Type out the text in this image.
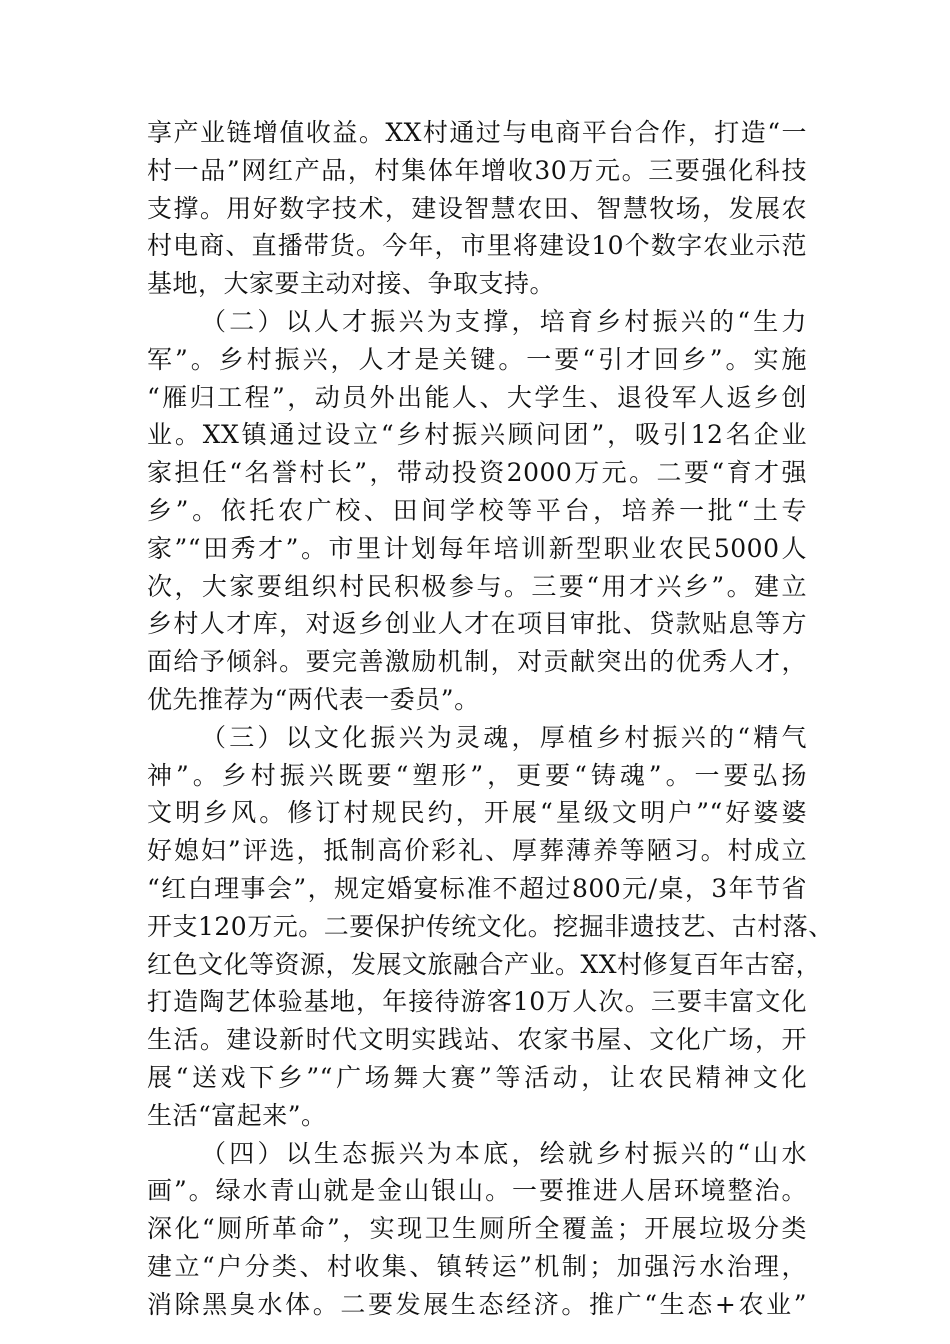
享产业链增值收益。XX村通过与电商平台合作，打造“一
村一品”网红产品，村集体年增收30万元。三要强化科技
支撑。用好数字技术，建设智慧农田、智慧牧场，发展农
村电商、直播带货。今年，市里将建设10个数字农业示范
基地，大家要主动对接、争取支持。
（二）以人才振兴为支撑，培育乡村振兴的“生力
军”。乡村振兴，人才是关键。一要“引才回乡”。实施
“雁归工程”，动员外出能人、大学生、退役军人返乡创
业。XX镇通过设立“乡村振兴顾问团”，吸引12名企业
家担任“名誉村长”，带动投资2000万元。二要“育才强
乡”。依托农广校、田间学校等平台，培养一批“土专
家”“田秀才”。市里计划每年培训新型职业农民5000人
次，大家要组织村民积极参与。三要“用才兴乡”。建立
乡村人才库，对返乡创业人才在项目审批、贷款贴息等方
面给予倾斜。要完善激励机制，对贡献突出的优秀人才，
优先推荐为“两代表一委员”。
（三）以文化振兴为灵魂，厚植乡村振兴的“精气
神”。乡村振兴既要“塑形”，更要“铸魂”。一要弘扬
文明乡风。修订村规民约，开展“星级文明户”“好婆婆
好媳妇”评选，抵制高价彩礼、厚葬薄养等陋习。村成立
“红白理事会”，规定婚宴标准不超过800元/桌，3年节省
开支120万元。二要保护传统文化。挖掘非遗技艺、古村落、
红色文化等资源，发展文旅融合产业。XX村修复百年古窑，
打造陶艺体验基地，年接待游客10万人次。三要丰富文化
生活。建设新时代文明实践站、农家书屋、文化广场，开
展“送戏下乡”“广场舞大赛”等活动，让农民精神文化
生活“富起来”。
（四）以生态振兴为本底，绘就乡村振兴的“山水
画”。绿水青山就是金山银山。一要推进人居环境整治。
深化“厕所革命”，实现卫生厕所全覆盖；开展垃圾分类
建立“户分类、村收集、镇转运”机制；加强污水治理，
消除黑臭水体。二要发展生态经济。推广“生态+农业”
